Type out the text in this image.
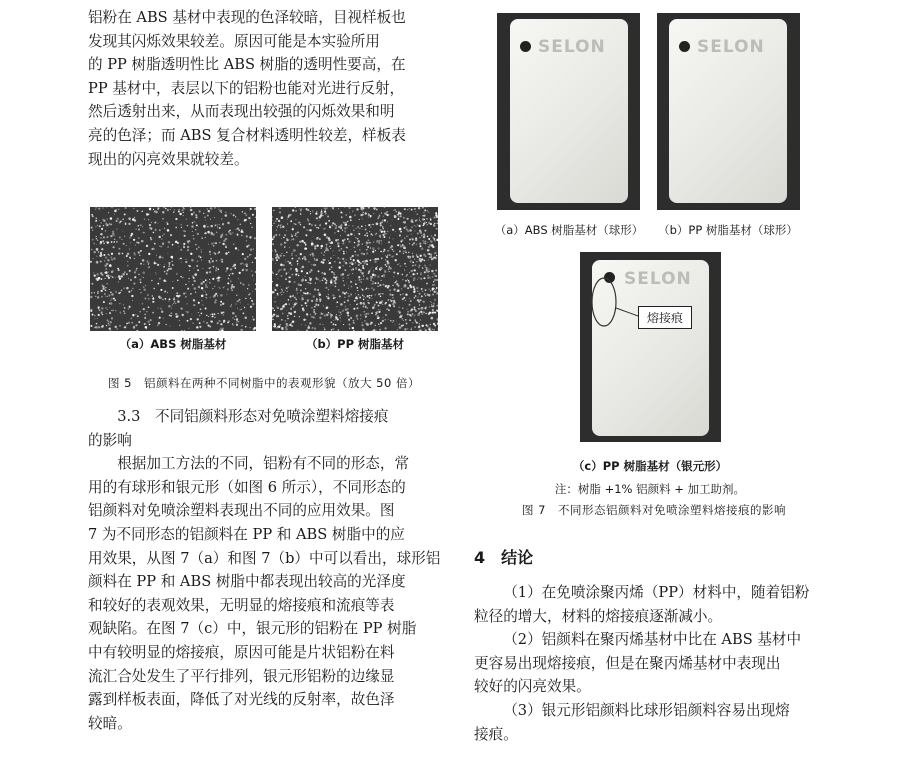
铝粉在 ABS 基材中表现的色泽较暗，目视样板也

发现其闪烁效果较差。原因可能是本实验所用

的 PP 树脂透明性比 ABS 树脂的透明性要高，在

PP 基材中，表层以下的铝粉也能对光进行反射，

然后透射出来，从而表现出较强的闪烁效果和明

亮的色泽；而 ABS 复合材料透明性较差，样板表

现出的闪亮效果就较差。

（a）ABS 树脂基材	（b）PP 树脂基材
图 5　铝颜料在两种不同树脂中的表观形貌（放大 50 倍）

3.3　不同铝颜料形态对免喷涂塑料熔接痕

的影响

根据加工方法的不同，铝粉有不同的形态，常

用的有球形和银元形（如图 6 所示），不同形态的

铝颜料对免喷涂塑料表现出不同的应用效果。图

7 为不同形态的铝颜料在 PP 和 ABS 树脂中的应

用效果，从图 7（a）和图 7（b）中可以看出，球形铝

颜料在 PP 和 ABS 树脂中都表现出较高的光泽度

和较好的表观效果，无明显的熔接痕和流痕等表

观缺陷。在图 7（c）中，银元形的铝粉在 PP 树脂

中有较明显的熔接痕，原因可能是片状铝粉在料

流汇合处发生了平行排列，银元形铝粉的边缘显

露到样板表面，降低了对光线的反射率，故色泽

较暗。

SELON	SELON
（a）ABS 树脂基材（球形）	（b）PP 树脂基材（球形）
SELON
熔接痕
（c）PP 树脂基材（银元形）
注：树脂 +1% 铝颜料 + 加工助剂。
图 7　不同形态铝颜料对免喷涂塑料熔接痕的影响
4　结论

（1）在免喷涂聚丙烯（PP）材料中，随着铝粉

粒径的增大，材料的熔接痕逐渐减小。

（2）铝颜料在聚丙烯基材中比在 ABS 基材中

更容易出现熔接痕，但是在聚丙烯基材中表现出

较好的闪亮效果。

（3）银元形铝颜料比球形铝颜料容易出现熔

接痕。
